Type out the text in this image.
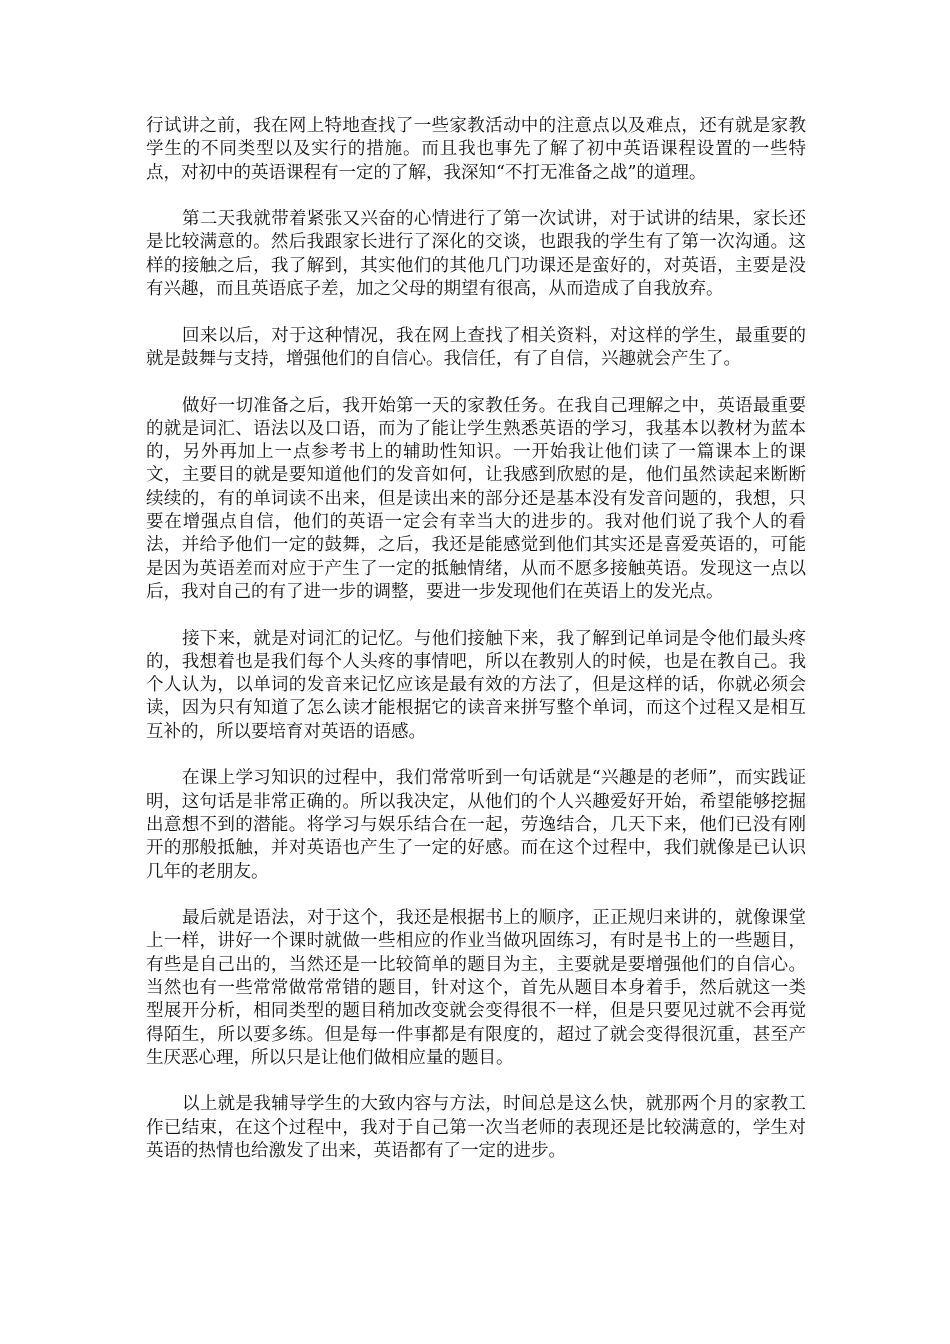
行试讲之前，我在网上特地查找了一些家教活动中的注意点以及难点，还有就是家教学生的不同类型以及实行的措施。而且我也事先了解了初中英语课程设置的一些特点，对初中的英语课程有一定的了解，我深知“不打无准备之战”的道理。

第二天我就带着紧张又兴奋的心情进行了第一次试讲，对于试讲的结果，家长还是比较满意的。然后我跟家长进行了深化的交谈，也跟我的学生有了第一次沟通。这样的接触之后，我了解到，其实他们的其他几门功课还是蛮好的，对英语，主要是没有兴趣，而且英语底子差，加之父母的期望有很高，从而造成了自我放弃。

回来以后，对于这种情况，我在网上查找了相关资料，对这样的学生，最重要的就是鼓舞与支持，增强他们的自信心。我信任，有了自信，兴趣就会产生了。

做好一切准备之后，我开始第一天的家教任务。在我自己理解之中，英语最重要的就是词汇、语法以及口语，而为了能让学生熟悉英语的学习，我基本以教材为蓝本的，另外再加上一点参考书上的辅助性知识。一开始我让他们读了一篇课本上的课文，主要目的就是要知道他们的发音如何，让我感到欣慰的是，他们虽然读起来断断续续的，有的单词读不出来，但是读出来的部分还是基本没有发音问题的，我想，只要在增强点自信，他们的英语一定会有幸当大的进步的。我对他们说了我个人的看法，并给予他们一定的鼓舞，之后，我还是能感觉到他们其实还是喜爱英语的，可能是因为英语差而对应于产生了一定的抵触情绪，从而不愿多接触英语。发现这一点以后，我对自己的有了进一步的调整，要进一步发现他们在英语上的发光点。

接下来，就是对词汇的记忆。与他们接触下来，我了解到记单词是令他们最头疼的，我想着也是我们每个人头疼的事情吧，所以在教别人的时候，也是在教自己。我个人认为，以单词的发音来记忆应该是最有效的方法了，但是这样的话，你就必须会读，因为只有知道了怎么读才能根据它的读音来拼写整个单词，而这个过程又是相互互补的，所以要培育对英语的语感。

在课上学习知识的过程中，我们常常听到一句话就是“兴趣是的老师”，而实践证明，这句话是非常正确的。所以我决定，从他们的个人兴趣爱好开始，希望能够挖掘出意想不到的潜能。将学习与娱乐结合在一起，劳逸结合，几天下来，他们已没有刚开的那般抵触，并对英语也产生了一定的好感。而在这个过程中，我们就像是已认识几年的老朋友。

最后就是语法，对于这个，我还是根据书上的顺序，正正规归来讲的，就像课堂上一样，讲好一个课时就做一些相应的作业当做巩固练习，有时是书上的一些题目，有些是自己出的，当然还是一比较简单的题目为主，主要就是要增强他们的自信心。当然也有一些常常做常常错的题目，针对这个，首先从题目本身着手，然后就这一类型展开分析，相同类型的题目稍加改变就会变得很不一样，但是只要见过就不会再觉得陌生，所以要多练。但是每一件事都是有限度的，超过了就会变得很沉重，甚至产生厌恶心理，所以只是让他们做相应量的题目。

以上就是我辅导学生的大致内容与方法，时间总是这么快，就那两个月的家教工作已结束，在这个过程中，我对于自己第一次当老师的表现还是比较满意的，学生对英语的热情也给激发了出来，英语都有了一定的进步。
